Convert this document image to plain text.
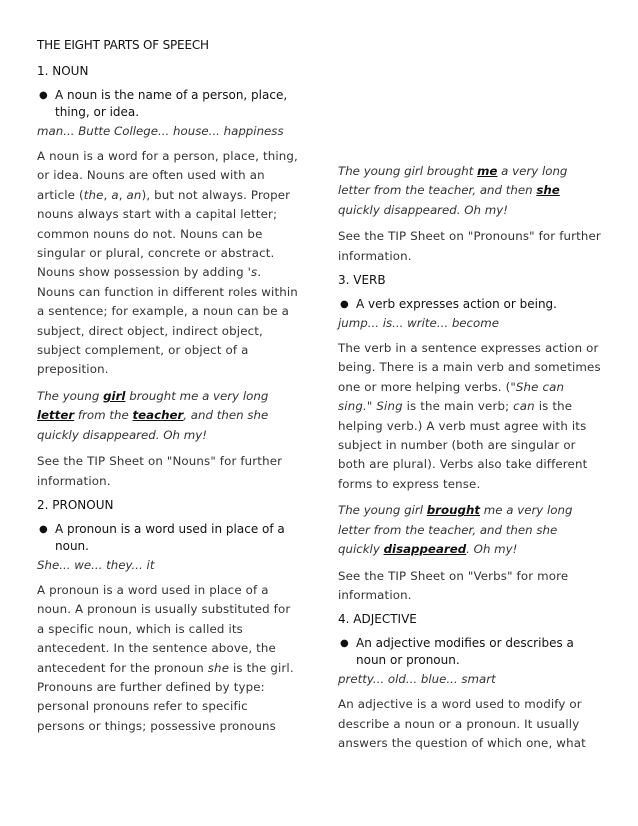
THE EIGHT PARTS OF SPEECH
1. NOUN
● A noun is the name of a person, place, thing, or idea.
man... Butte College... house... happiness
A noun is a word for a person, place, thing, or idea. Nouns are often used with an article (the, a, an), but not always. Proper nouns always start with a capital letter; common nouns do not. Nouns can be singular or plural, concrete or abstract. Nouns show possession by adding 's. Nouns can function in different roles within a sentence; for example, a noun can be a subject, direct object, indirect object, subject complement, or object of a preposition.
The young girl brought me a very long letter from the teacher, and then she quickly disappeared. Oh my!
See the TIP Sheet on "Nouns" for further information.
2. PRONOUN
● A pronoun is a word used in place of a noun.
She... we... they... it
A pronoun is a word used in place of a noun. A pronoun is usually substituted for a specific noun, which is called its antecedent. In the sentence above, the antecedent for the pronoun she is the girl. Pronouns are further defined by type: personal pronouns refer to specific persons or things; possessive pronouns
The young girl brought me a very long letter from the teacher, and then she quickly disappeared. Oh my!
See the TIP Sheet on "Pronouns" for further information.
3. VERB
● A verb expresses action or being.
jump... is... write... become
The verb in a sentence expresses action or being. There is a main verb and sometimes one or more helping verbs. ("She can sing." Sing is the main verb; can is the helping verb.) A verb must agree with its subject in number (both are singular or both are plural). Verbs also take different forms to express tense.
The young girl brought me a very long letter from the teacher, and then she quickly disappeared. Oh my!
See the TIP Sheet on "Verbs" for more information.
4. ADJECTIVE
● An adjective modifies or describes a noun or pronoun.
pretty... old... blue... smart
An adjective is a word used to modify or describe a noun or a pronoun. It usually answers the question of which one, what
